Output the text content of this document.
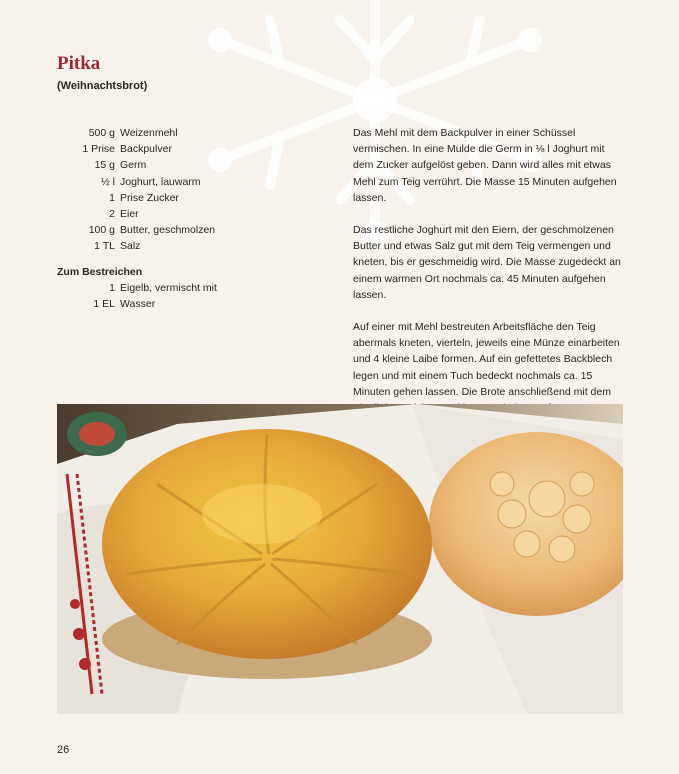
Pitka
(Weihnachtsbrot)
500 g Weizenmehl
1 Prise Backpulver
15 g Germ
½ l Joghurt, lauwarm
1 Prise Zucker
2 Eier
100 g Butter, geschmolzen
1 TL Salz
Zum Bestreichen
1 Eigelb, vermischt mit
1 EL Wasser

Das Mehl mit dem Backpulver in einer Schüssel vermischen. In eine Mulde die Germ in ⅛ l Joghurt mit dem Zucker aufgelöst geben. Dann wird alles mit etwas Mehl zum Teig verrührt. Die Masse 15 Minuten aufgehen lassen.

Das restliche Joghurt mit den Eiern, der geschmolzenen Butter und etwas Salz gut mit dem Teig vermengen und kneten, bis er geschmeidig wird. Die Masse zugedeckt an einem warmen Ort nochmals ca. 45 Minuten aufgehen lassen.

Auf einer mit Mehl bestreuten Arbeitsfläche den Teig abermals kneten, vierteln, jeweils eine Münze einarbeiten und 4 kleine Laibe formen. Auf ein gefettetes Backblech legen und mit einem Tuch bedeckt nochmals ca. 15 Minuten gehen lassen. Die Brote anschließend mit dem

26
